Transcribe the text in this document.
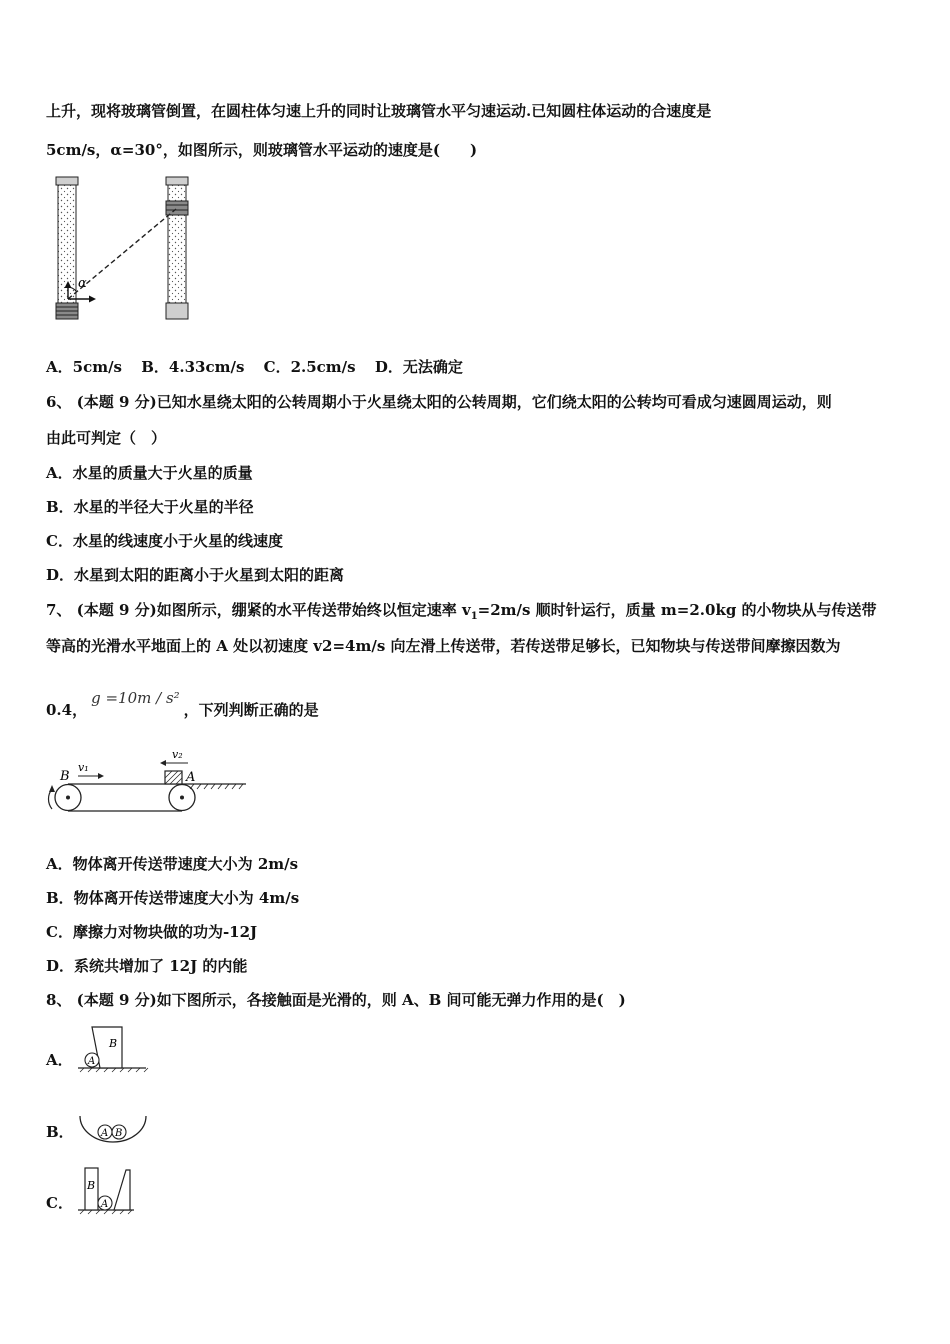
上升，现将玻璃管倒置，在圆柱体匀速上升的同时让玻璃管水平匀速运动.已知圆柱体运动的合速度是
5cm/s，α=30°，如图所示，则玻璃管水平运动的速度是(　　)
α
A．5cm/s B．4.33cm/s C．2.5cm/s D．无法确定
6、 (本题 9 分)已知水星绕太阳的公转周期小于火星绕太阳的公转周期，它们绕太阳的公转均可看成匀速圆周运动，则
由此可判定（　）
A．水星的质量大于火星的质量
B．水星的半径大于火星的半径
C．水星的线速度小于火星的线速度
D．水星到太阳的距离小于火星到太阳的距离
7、 (本题 9 分)如图所示，绷紧的水平传送带始终以恒定速率 $v_1=2m/s$ 顺时针运行，质量 m=2.0kg 的小物块从与传送带
等高的光滑水平地面上的 A 处以初速度 v2=4m/s 向左滑上传送带，若传送带足够长，已知物块与传送带间摩擦因数为
0.4，g =10m / s²，下列判断正确的是
B	A
v₁
v₂
A．物体离开传送带速度大小为 2m/s
B．物体离开传送带速度大小为 4m/s
C．摩擦力对物块做的功为-12J
D．系统共增加了 12J 的内能
8、 (本题 9 分)如下图所示，各接触面是光滑的，则 A、B 间可能无弹力作用的是(　)
A． A
B
B．	A B
C．	A
B
